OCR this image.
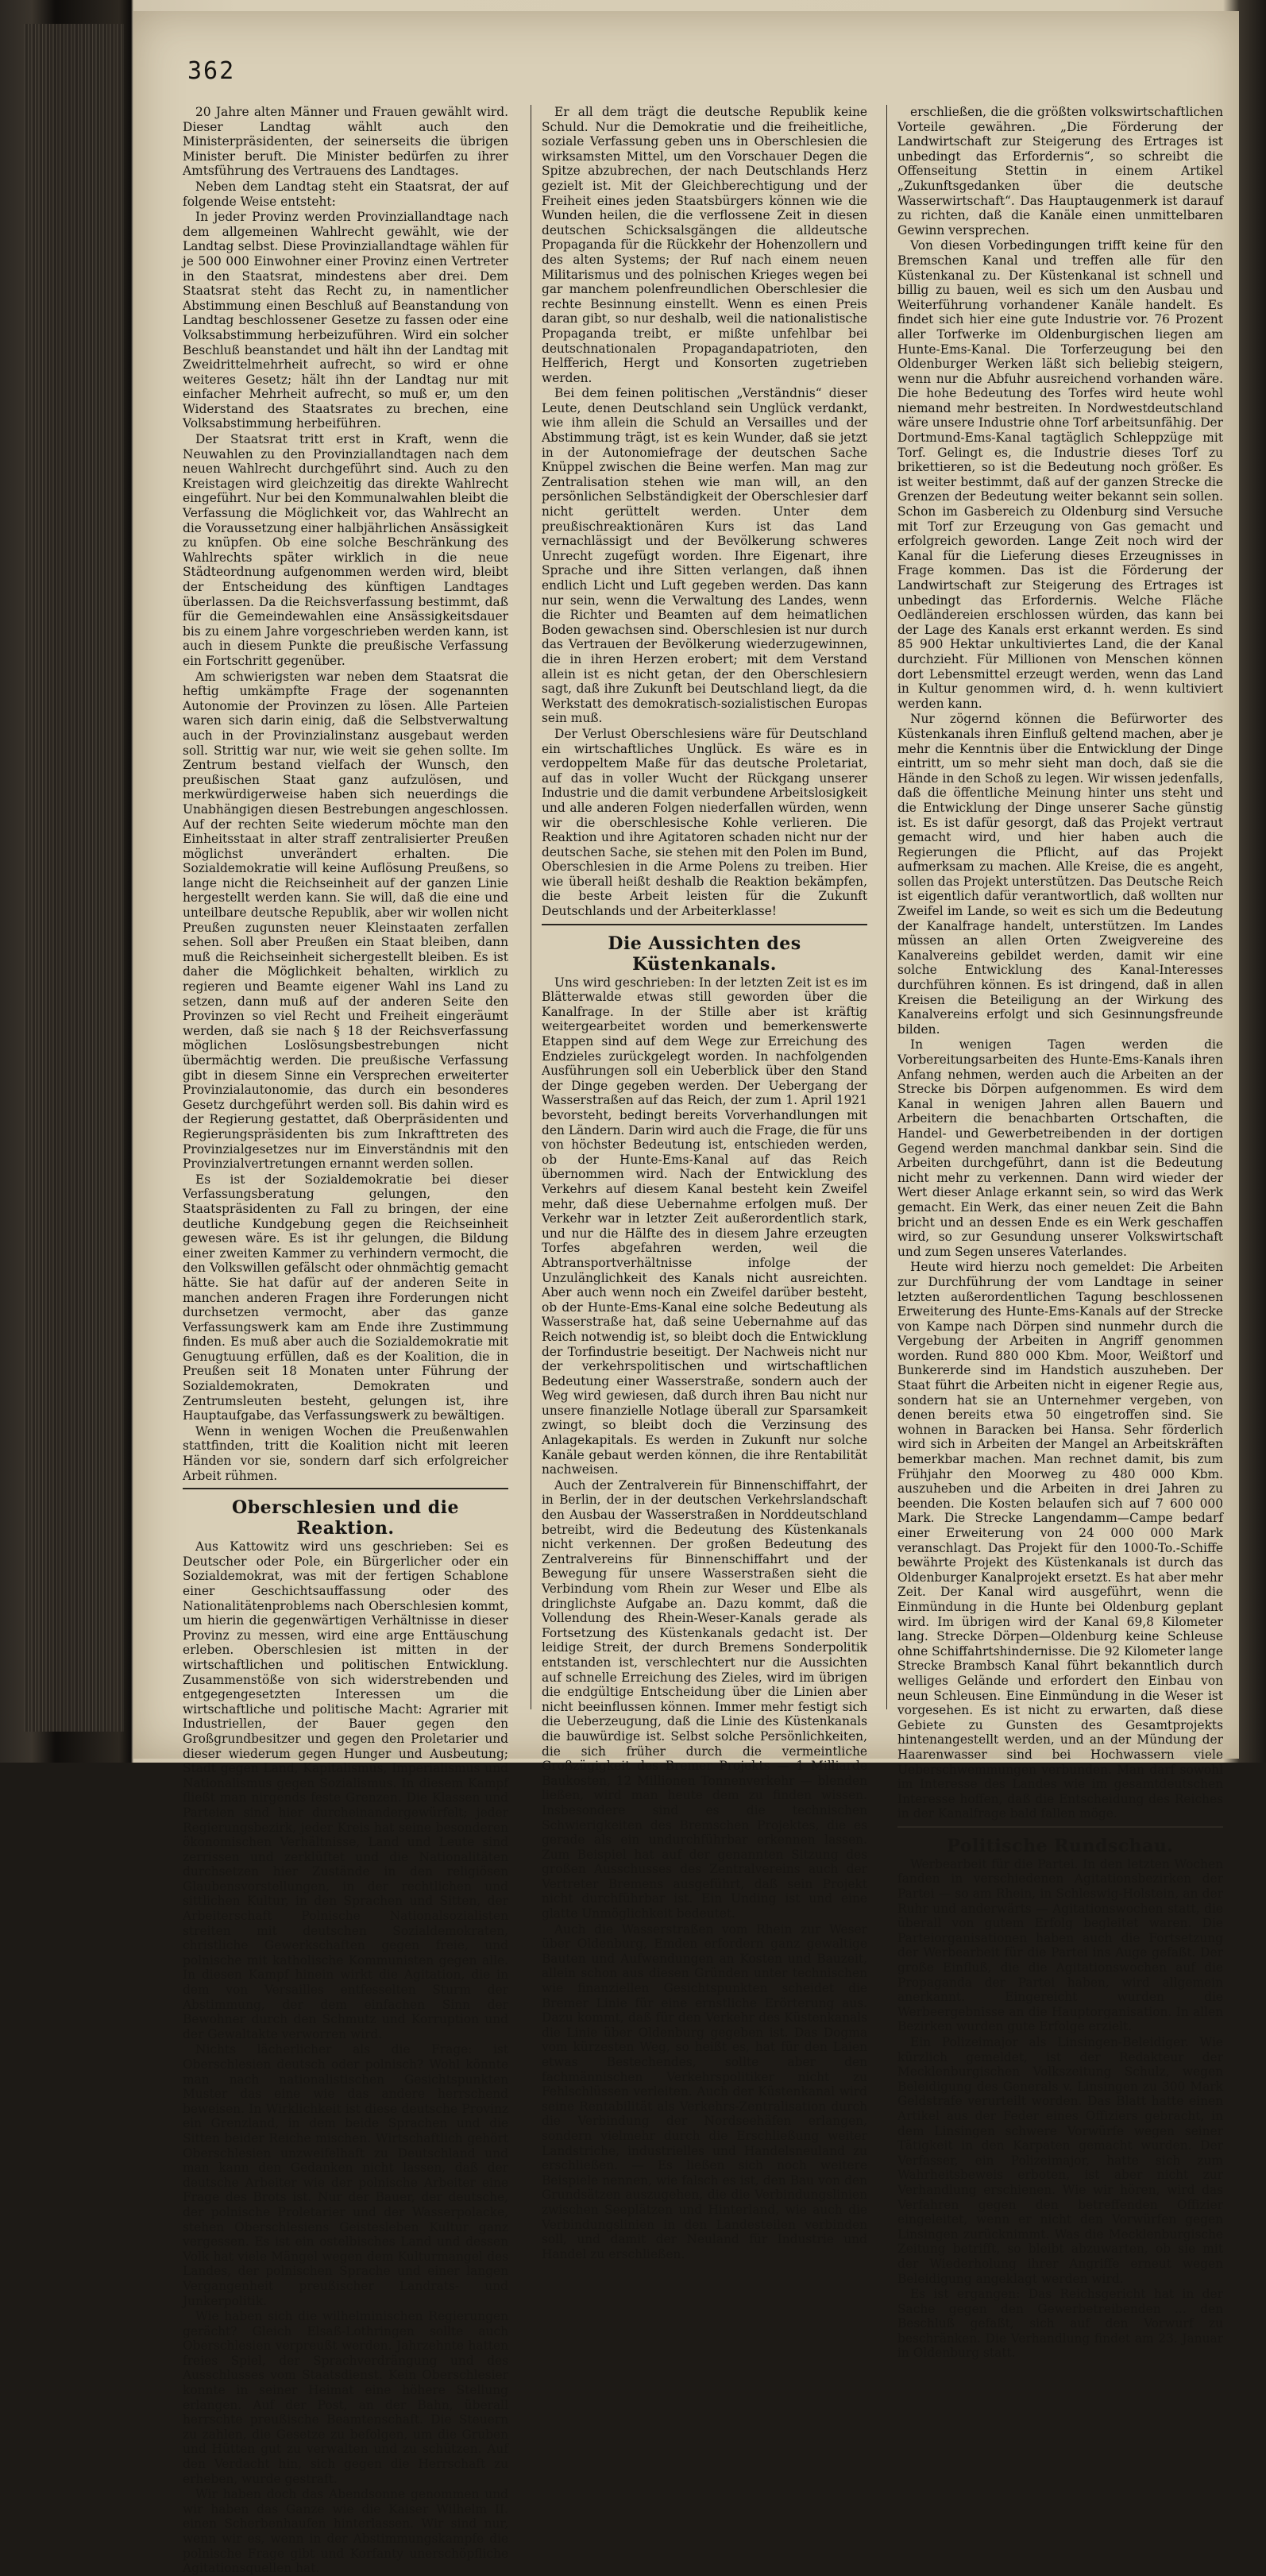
362

20 Jahre alten Männer und Frauen gewählt wird. Dieser Landtag wählt auch den Ministerpräsidenten, der seinerseits die übrigen Minister beruft. Die Minister bedürfen zu ihrer Amtsführung des Vertrauens des Landtages.

Neben dem Landtag steht ein Staatsrat, der auf folgende Weise entsteht:

In jeder Provinz werden Provinziallandtage nach dem allgemeinen Wahlrecht gewählt, wie der Landtag selbst. Diese Provinziallandtage wählen für je 500 000 Einwohner einer Provinz einen Vertreter in den Staatsrat, mindestens aber drei. Dem Staatsrat steht das Recht zu, in namentlicher Abstimmung einen Beschluß auf Beanstandung von Landtag beschlossener Gesetze zu fassen oder eine Volksabstimmung herbeizuführen. Wird ein solcher Beschluß beanstandet und hält ihn der Landtag mit Zweidrittelmehrheit aufrecht, so wird er ohne weiteres Gesetz; hält ihn der Landtag nur mit einfacher Mehrheit aufrecht, so muß er, um den Widerstand des Staatsrates zu brechen, eine Volksabstimmung herbeiführen.

Der Staatsrat tritt erst in Kraft, wenn die Neuwahlen zu den Provinziallandtagen nach dem neuen Wahlrecht durchgeführt sind. Auch zu den Kreistagen wird gleichzeitig das direkte Wahlrecht eingeführt. Nur bei den Kommunalwahlen bleibt die Verfassung die Möglichkeit vor, das Wahlrecht an die Voraussetzung einer halbjährlichen Ansässigkeit zu knüpfen. Ob eine solche Beschränkung des Wahlrechts später wirklich in die neue Städteordnung aufgenommen werden wird, bleibt der Entscheidung des künftigen Landtages überlassen. Da die Reichsverfassung bestimmt, daß für die Gemeindewahlen eine Ansässigkeitsdauer bis zu einem Jahre vorgeschrieben werden kann, ist auch in diesem Punkte die preußische Verfassung ein Fortschritt gegenüber.

Am schwierigsten war neben dem Staatsrat die heftig umkämpfte Frage der sogenannten Autonomie der Provinzen zu lösen. Alle Parteien waren sich darin einig, daß die Selbstverwaltung auch in der Provinzialinstanz ausgebaut werden soll. Strittig war nur, wie weit sie gehen sollte. Im Zentrum bestand vielfach der Wunsch, den preußischen Staat ganz aufzulösen, und merkwürdigerweise haben sich neuerdings die Unabhängigen diesen Bestrebungen angeschlossen. Auf der rechten Seite wiederum möchte man den Einheitsstaat in alter straff zentralisierter Preußen möglichst unverändert erhalten. Die Sozialdemokratie will keine Auflösung Preußens, so lange nicht die Reichseinheit auf der ganzen Linie hergestellt werden kann. Sie will, daß die eine und unteilbare deutsche Republik, aber wir wollen nicht Preußen zugunsten neuer Kleinstaaten zerfallen sehen. Soll aber Preußen ein Staat bleiben, dann muß die Reichseinheit sichergestellt bleiben. Es ist daher die Möglichkeit behalten, wirklich zu regieren und Beamte eigener Wahl ins Land zu setzen, dann muß auf der anderen Seite den Provinzen so viel Recht und Freiheit eingeräumt werden, daß sie nach § 18 der Reichsverfassung möglichen Loslösungsbestrebungen nicht übermächtig werden. Die preußische Verfassung gibt in diesem Sinne ein Versprechen erweiterter Provinzialautonomie, das durch ein besonderes Gesetz durchgeführt werden soll. Bis dahin wird es der Regierung gestattet, daß Oberpräsidenten und Regierungspräsidenten bis zum Inkrafttreten des Provinzialgesetzes nur im Einverständnis mit den Provinzialvertretungen ernannt werden sollen.

Es ist der Sozialdemokratie bei dieser Verfassungsberatung gelungen, den Staatspräsidenten zu Fall zu bringen, der eine deutliche Kundgebung gegen die Reichseinheit gewesen wäre. Es ist ihr gelungen, die Bildung einer zweiten Kammer zu verhindern vermocht, die den Volkswillen gefälscht oder ohnmächtig gemacht hätte. Sie hat dafür auf der anderen Seite in manchen anderen Fragen ihre Forderungen nicht durchsetzen vermocht, aber das ganze Verfassungswerk kam am Ende ihre Zustimmung finden. Es muß aber auch die Sozialdemokratie mit Genugtuung erfüllen, daß es der Koalition, die in Preußen seit 18 Monaten unter Führung der Sozialdemokraten, Demokraten und Zentrumsleuten besteht, gelungen ist, ihre Hauptaufgabe, das Verfassungswerk zu bewältigen.

Wenn in wenigen Wochen die Preußenwahlen stattfinden, tritt die Koalition nicht mit leeren Händen vor sie, sondern darf sich erfolgreicher Arbeit rühmen.

Oberschlesien und die Reaktion.

Aus Kattowitz wird uns geschrieben: Sei es Deutscher oder Pole, ein Bürgerlicher oder ein Sozialdemokrat, was mit der fertigen Schablone einer Geschichtsauffassung oder des Nationalitätenproblems nach Oberschlesien kommt, um hierin die gegenwärtigen Verhältnisse in dieser Provinz zu messen, wird eine arge Enttäuschung erleben. Oberschlesien ist mitten in der wirtschaftlichen und politischen Entwicklung. Zusammenstöße von sich widerstrebenden und entgegengesetzten Interessen um die wirtschaftliche und politische Macht: Agrarier mit Industriellen, der Bauer gegen den Großgrundbesitzer und gegen den Proletarier und dieser wiederum gegen Hunger und Ausbeutung; Stadt gegen Land, Kapitalismus, Imperialismus und Nationalismus gegen Sozialismus. In diesem Kampf fließt man nirgends feste Grenzen. Die Klassen und Parteien sind hier durcheinandergewürfelt; jeder Regierungsbezirk, jeder Kreis hat seine besonderen ökonomischen Verhältnisse, Land und Leute sind zerrissen und zerklüftet und die Nationalitäten durchsetzen hier Zustände in den religiösen Glaubensvorstellungen, in der rechtlichen und sittlichen Kultur, in den Sprachen und Sitten, der Arbeiterschaft Polnische Nationalsozialisten streiten mit deutschen Sozialdemokraten, christliche Gewerkschaften gegen freie, und polnische mit katholische Kommunisten gegen alle. In diesen Kampf hinein wirkt die Agitation, die in dem von Versailles entfesselten Sturm der Abstimmung, der dem einfachen Sinn der Bewohner durch den Schmutz und Korruption und der Gewaltakte verworren wird.

Nichts lächerlicher als die Frage: ist Oberschlesien deutsch oder polnisch? Wohl könnte man nach nationalistischen Gesichtspunkten Muster das eine wie das andere herrschend beweisen. In Wirklichkeit ist diese deutsche Provinz ein Grenzland, in dem beide Sprachen und die Sitten beider Reiche mischen. Wirtschaftlich gehört Oberschlesien unzweifelhaft zu Deutschland und man kann den Gedanken nicht lassen, daß der deutsche Arbeiter wie der polnische Arbeiter eine Frage des Brots ist. Nur der Bauer, der deutsche, der polnische Proletarier und der Wasserpolacke, stehen Oberschlesiens Geistesleben Kultur ganz vergessen. Es ist ein ostelbisches Land und dessen Volk hat viele Mängel wegen dem Kulturmangel des Landes, der polnischen Sprache und einer langen Vergangenheit preußischer Landrats- und Junkerpolitik.

Wie haben sich die wilhelminischen Regierungen gerächt? Gleich Elsaß-Lothringen sollte auch Oberschlesien verpreußt werden. Jahrzehnte hatten freies Spiel, der Sprachverdrängung und des Ausschlusses vom Staatsdienst. Kein Oberschlesier konnte in seiner Heimat eine höhere Stellung erlangen. Auf der Post, an der Bahn, überall herrschte preußische Beamtenschaft. Die Steuern zu zahlen, die Gesetze zu befolgen, um die Gruben und Hütten gut zu verwalten und zu schützen. Auf den Verdacht hin, sich gegen die Herrschaft zu erheben, wurde gestraft.

Wir haben doch das Abendsonne genommen und wir haben das Ganze wie die Kaiser Wilhelm II. einen Scherbenhaufen hinterlassen. Wir sind nur, wenn wir es, wenn in der Abstimmungskampfe die polnische Frage gibt und Korfanty unerschöpfliche Agitationsquellen hat.

Er all dem trägt die deutsche Republik keine Schuld. Nur die Demokratie und die freiheitliche, soziale Verfassung geben uns in Oberschlesien die wirksamsten Mittel, um den Vorschauer Degen die Spitze abzubrechen, der nach Deutschlands Herz gezielt ist. Mit der Gleichberechtigung und der Freiheit eines jeden Staatsbürgers können wie die Wunden heilen, die die verflossene Zeit in diesen deutschen Schicksalsgängen die alldeutsche Propaganda für die Rückkehr der Hohenzollern und des alten Systems; der Ruf nach einem neuen Militarismus und des polnischen Krieges wegen bei gar manchem polenfreundlichen Oberschlesier die rechte Besinnung einstellt. Wenn es einen Preis daran gibt, so nur deshalb, weil die nationalistische Propaganda treibt, er mißte unfehlbar bei deutschnationalen Propagandapatrioten, den Helfferich, Hergt und Konsorten zugetrieben werden.

Bei dem feinen politischen „Verständnis“ dieser Leute, denen Deutschland sein Unglück verdankt, wie ihm allein die Schuld an Versailles und der Abstimmung trägt, ist es kein Wunder, daß sie jetzt in der Autonomiefrage der deutschen Sache Knüppel zwischen die Beine werfen. Man mag zur Zentralisation stehen wie man will, an den persönlichen Selbständigkeit der Oberschlesier darf nicht gerüttelt werden. Unter dem preußischreaktionären Kurs ist das Land vernachlässigt und der Bevölkerung schweres Unrecht zugefügt worden. Ihre Eigenart, ihre Sprache und ihre Sitten verlangen, daß ihnen endlich Licht und Luft gegeben werden. Das kann nur sein, wenn die Verwaltung des Landes, wenn die Richter und Beamten auf dem heimatlichen Boden gewachsen sind. Oberschlesien ist nur durch das Vertrauen der Bevölkerung wiederzugewinnen, die in ihren Herzen erobert; mit dem Verstand allein ist es nicht getan, der den Oberschlesiern sagt, daß ihre Zukunft bei Deutschland liegt, da die Werkstatt des demokratisch-sozialistischen Europas sein muß.

Der Verlust Oberschlesiens wäre für Deutschland ein wirtschaftliches Unglück. Es wäre es in verdoppeltem Maße für das deutsche Proletariat, auf das in voller Wucht der Rückgang unserer Industrie und die damit verbundene Arbeitslosigkeit und alle anderen Folgen niederfallen würden, wenn wir die oberschlesische Kohle verlieren. Die Reaktion und ihre Agitatoren schaden nicht nur der deutschen Sache, sie stehen mit den Polen im Bund, Oberschlesien in die Arme Polens zu treiben. Hier wie überall heißt deshalb die Reaktion bekämpfen, die beste Arbeit leisten für die Zukunft Deutschlands und der Arbeiterklasse!

Die Aussichten des Küstenkanals.

Uns wird geschrieben: In der letzten Zeit ist es im Blätterwalde etwas still geworden über die Kanalfrage. In der Stille aber ist kräftig weitergearbeitet worden und bemerkenswerte Etappen sind auf dem Wege zur Erreichung des Endzieles zurückgelegt worden. In nachfolgenden Ausführungen soll ein Ueberblick über den Stand der Dinge gegeben werden. Der Uebergang der Wasserstraßen auf das Reich, der zum 1. April 1921 bevorsteht, bedingt bereits Vorverhandlungen mit den Ländern. Darin wird auch die Frage, die für uns von höchster Bedeutung ist, entschieden werden, ob der Hunte-Ems-Kanal auf das Reich übernommen wird. Nach der Entwicklung des Verkehrs auf diesem Kanal besteht kein Zweifel mehr, daß diese Uebernahme erfolgen muß. Der Verkehr war in letzter Zeit außerordentlich stark, und nur die Hälfte des in diesem Jahre erzeugten Torfes abgefahren werden, weil die Abtransportverhältnisse infolge der Unzulänglichkeit des Kanals nicht ausreichten. Aber auch wenn noch ein Zweifel darüber besteht, ob der Hunte-Ems-Kanal eine solche Bedeutung als Wasserstraße hat, daß seine Uebernahme auf das Reich notwendig ist, so bleibt doch die Entwicklung der Torfindustrie beseitigt. Der Nachweis nicht nur der verkehrspolitischen und wirtschaftlichen Bedeutung einer Wasserstraße, sondern auch der Weg wird gewiesen, daß durch ihren Bau nicht nur unsere finanzielle Notlage überall zur Sparsamkeit zwingt, so bleibt doch die Verzinsung des Anlagekapitals. Es werden in Zukunft nur solche Kanäle gebaut werden können, die ihre Rentabilität nachweisen.

Auch der Zentralverein für Binnenschiffahrt, der in Berlin, der in der deutschen Verkehrslandschaft den Ausbau der Wasserstraßen in Norddeutschland betreibt, wird die Bedeutung des Küstenkanals nicht verkennen. Der großen Bedeutung des Zentralvereins für Binnenschiffahrt und der Bewegung für unsere Wasserstraßen sieht die Verbindung vom Rhein zur Weser und Elbe als dringlichste Aufgabe an. Dazu kommt, daß die Vollendung des Rhein-Weser-Kanals gerade als Fortsetzung des Küstenkanals gedacht ist. Der leidige Streit, der durch Bremens Sonderpolitik entstanden ist, verschlechtert nur die Aussichten auf schnelle Erreichung des Zieles, wird im übrigen die endgültige Entscheidung über die Linien aber nicht beeinflussen können. Immer mehr festigt sich die Ueberzeugung, daß die Linie des Küstenkanals die bauwürdige ist. Selbst solche Persönlichkeiten, die sich früher durch die vermeintliche Großzügigkeit des Bremer Projekts — 1 Milliarde Baukosten, 12 Millionen Tonnenverkehr — blenden ließen, wird man heute dem zu finden wissen. Insbesondere sind es die technischen Schwierigkeiten des Bremschen Projektes, die es gerade als ein undurchführbar erkennen lassen. Zum Beispiel hat auf der genannten Sitzung des großen Ausschusses des Zentralvereins auch der Vertreter Bremens ausgeführt, daß sein Projekt nicht durchführbar ist. Ein Unding ist und eine glatte Unmöglichkeit bedeutet.

Auch die Wasserstraßen vom Rhein zur Weser über Oldenburg, Emden erfordern ganz gewaltige Bauten und Aufwendungen an Kosten und Bauzeit, allein schon aus diesen Gründen unter technischen wie finanziellen Gesichtspunkten scheidet die Bremer Linie für eine ernstliche Erörterung aus. Dazu kommt, daß für den Verkehr des Küstenkanals die Linie über Oldenburg gegeben ist. Das Dogma vom kürzesten Weg, so heißt es, hat für den Laien etwas Bestechendes, sollte aber den fachmännischen Verkehrspolitiker nicht zu Fehlschlüssen verleiten. Auch der Küstenkanal wird seine Rentabilität als Verkehrs-Zentralisation durch die Verbindung der Nordseehäfen erlangen, sondern vielmehr durch die Erschließung weiter Landstriche, industrielles und Handelsneuland zu erschließen. — Es ließen sich noch weitere Beispiele nennen, wie falsch es ist, den Bau von den Grundsätzen auszugehen, die die Verbindungslinien zwischen Seeplätzen und Hinterland, wie auch die Verbindungslinien in den Landesteilen verbinden soll, und damit der Neuland für Industrie und Handel zu erschließen.

erschließen, die die größten volkswirtschaftlichen Vorteile gewähren. „Die Förderung der Landwirtschaft zur Steigerung des Ertrages ist unbedingt das Erfordernis“, so schreibt die Offenseitung Stettin in einem Artikel „Zukunftsgedanken über die deutsche Wasserwirtschaft“. Das Hauptaugenmerk ist darauf zu richten, daß die Kanäle einen unmittelbaren Gewinn versprechen.

Von diesen Vorbedingungen trifft keine für den Bremschen Kanal und treffen alle für den Küstenkanal zu. Der Küstenkanal ist schnell und billig zu bauen, weil es sich um den Ausbau und Weiterführung vorhandener Kanäle handelt. Es findet sich hier eine gute Industrie vor. 76 Prozent aller Torfwerke im Oldenburgischen liegen am Hunte-Ems-Kanal. Die Torferzeugung bei den Oldenburger Werken läßt sich beliebig steigern, wenn nur die Abfuhr ausreichend vorhanden wäre. Die hohe Bedeutung des Torfes wird heute wohl niemand mehr bestreiten. In Nordwestdeutschland wäre unsere Industrie ohne Torf arbeitsunfähig. Der Dortmund-Ems-Kanal tagtäglich Schleppzüge mit Torf. Gelingt es, die Industrie dieses Torf zu brikettieren, so ist die Bedeutung noch größer. Es ist weiter bestimmt, daß auf der ganzen Strecke die Grenzen der Bedeutung weiter bekannt sein sollen. Schon im Gasbereich zu Oldenburg sind Versuche mit Torf zur Erzeugung von Gas gemacht und erfolgreich geworden. Lange Zeit noch wird der Kanal für die Lieferung dieses Erzeugnisses in Frage kommen. Das ist die Förderung der Landwirtschaft zur Steigerung des Ertrages ist unbedingt das Erfordernis. Welche Fläche Oedländereien erschlossen würden, das kann bei der Lage des Kanals erst erkannt werden. Es sind 85 900 Hektar unkultiviertes Land, die der Kanal durchzieht. Für Millionen von Menschen können dort Lebensmittel erzeugt werden, wenn das Land in Kultur genommen wird, d. h. wenn kultiviert werden kann.

Nur zögernd können die Befürworter des Küstenkanals ihren Einfluß geltend machen, aber je mehr die Kenntnis über die Entwicklung der Dinge eintritt, um so mehr sieht man doch, daß sie die Hände in den Schoß zu legen. Wir wissen jedenfalls, daß die öffentliche Meinung hinter uns steht und die Entwicklung der Dinge unserer Sache günstig ist. Es ist dafür gesorgt, daß das Projekt vertraut gemacht wird, und hier haben auch die Regierungen die Pflicht, auf das Projekt aufmerksam zu machen. Alle Kreise, die es angeht, sollen das Projekt unterstützen. Das Deutsche Reich ist eigentlich dafür verantwortlich, daß wollten nur Zweifel im Lande, so weit es sich um die Bedeutung der Kanalfrage handelt, unterstützen. Im Landes müssen an allen Orten Zweigvereine des Kanalvereins gebildet werden, damit wir eine solche Entwicklung des Kanal-Interesses durchführen können. Es ist dringend, daß in allen Kreisen die Beteiligung an der Wirkung des Kanalvereins erfolgt und sich Gesinnungsfreunde bilden.

In wenigen Tagen werden die Vorbereitungsarbeiten des Hunte-Ems-Kanals ihren Anfang nehmen, werden auch die Arbeiten an der Strecke bis Dörpen aufgenommen. Es wird dem Kanal in wenigen Jahren allen Bauern und Arbeitern die benachbarten Ortschaften, die Handel- und Gewerbetreibenden in der dortigen Gegend werden manchmal dankbar sein. Sind die Arbeiten durchgeführt, dann ist die Bedeutung nicht mehr zu verkennen. Dann wird wieder der Wert dieser Anlage erkannt sein, so wird das Werk gemacht. Ein Werk, das einer neuen Zeit die Bahn bricht und an dessen Ende es ein Werk geschaffen wird, so zur Gesundung unserer Volkswirtschaft und zum Segen unseres Vaterlandes.

Heute wird hierzu noch gemeldet: Die Arbeiten zur Durchführung der vom Landtage in seiner letzten außerordentlichen Tagung beschlossenen Erweiterung des Hunte-Ems-Kanals auf der Strecke von Kampe nach Dörpen sind nunmehr durch die Vergebung der Arbeiten in Angriff genommen worden. Rund 880 000 Kbm. Moor, Weißtorf und Bunkererde sind im Handstich auszuheben. Der Staat führt die Arbeiten nicht in eigener Regie aus, sondern hat sie an Unternehmer vergeben, von denen bereits etwa 50 eingetroffen sind. Sie wohnen in Baracken bei Hansa. Sehr förderlich wird sich in Arbeiten der Mangel an Arbeitskräften bemerkbar machen. Man rechnet damit, bis zum Frühjahr den Moorweg zu 480 000 Kbm. auszuheben und die Arbeiten in drei Jahren zu beenden. Die Kosten belaufen sich auf 7 600 000 Mark. Die Strecke Langendamm—Campe bedarf einer Erweiterung von 24 000 000 Mark veranschlagt. Das Projekt für den 1000-To.-Schiffe bewährte Projekt des Küstenkanals ist durch das Oldenburger Kanalprojekt ersetzt. Es hat aber mehr Zeit. Der Kanal wird ausgeführt, wenn die Einmündung in die Hunte bei Oldenburg geplant wird. Im übrigen wird der Kanal 69,8 Kilometer lang. Strecke Dörpen—Oldenburg keine Schleuse ohne Schiffahrtshindernisse. Die 92 Kilometer lange Strecke Brambsch Kanal führt bekanntlich durch welliges Gelände und erfordert den Einbau von neun Schleusen. Eine Einmündung in die Weser ist vorgesehen. Es ist nicht zu erwarten, daß diese Gebiete zu Gunsten des Gesamtprojekts hintenangestellt werden, und an der Mündung der Haarenwasser sind bei Hochwassern viele Ueberschwemmungen verbunden. Man darf sowohl im Interesse des Landes wie im gesamtdeutschen Interesse hoffen, daß die Entscheidung des Reiches in der Kanalfrage bald fallen möge.

Politische Rundschau.

Werbearbeit für die Partei. In den letzten Wochen fanden in verschiedenen Agitationsbezirken der Partei — so am Rhein, in Schleswig-Holstein, an der Ruhr und anderwärts — Agitationswochen statt, die überall von gutem Erfolg begleitet waren. Die Parteiorganisationen haben auch die Fortsetzung der Werbearbeit für die Partei ins Auge gefaßt. Der große Einfluß, die die Agitationswochen auf die Propaganda der Partei haben, wird allgemein anerkannt. Eingereicht wurden die Werbeergebnisse an die Hauptorganisation. In allen Bezirken wurden gute Erfolge erzielt.

Ein Polizeimajor als Linsingen-Beleidiger. Wie kürzlich gemeldet, ist der Redakteur der Mecklenburgischen Volkszeitung Schulz, wegen Beleidigung des Generals v. Linsingen zu 300 Mark Geldstrafe verurteilt worden. Das Blatt hatte einen Artikel aus der Feder eines Offiziers gebracht, in dem Linsingen schwere Vorwürfe wegen seiner Tätigkeit in den Karpaten gemacht wurden. Der Verfasser, ein Polizeimajor, hatte sich zum Wahrheitsbeweis erboten, ist aber nicht zur Verhandlung erschienen. Wie wir hören, wird das Verfahren gegen den betreffenden Offizier eingeleitet, wenn er nicht den Vorwürfen gegen Linsingen zurücknimmt. Was die Mecklenburgische Zeitung betrifft, so bleibt abzuwarten, ob sie mit der Wiederholung ihrer Angriffe erneut wegen Beleidigung angeklagt werden wird.

Es ist ergangen: Das Reichsgericht hat in der Sache gegen den Gewerbetreibenden ... den Beschluß gefaßt, sich auf den Vorwurf zu beschränken. Die Verhandlung findet am 23. Januar in Oldenburg statt.
